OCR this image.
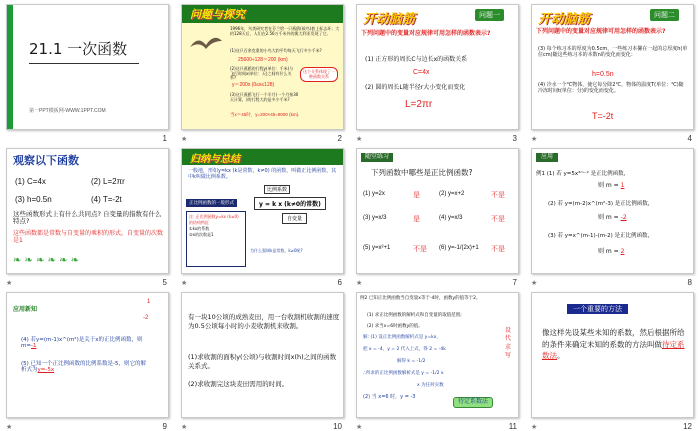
21.1 一次函数
第一PPT模板网-WWW.1PPT.COM
1
问题与探究
1996年，鸟类研究者在芬兰给一只燕鸥(候鸟)套上标志环；大约128天后，人们在2.56万千米外的澳大利亚发现了它。
(1)这只百余克重的小鸟大约平均每天飞行多少千米?
25600÷128＝200 (km)
(2)这只燕鸥的行程y(单位：千米)与飞行时间x(单位：天)之间有什么关系?
y＝200x (0≤x≤128)
(3)这只燕鸥飞行一个半月(一个月按30天计算，)的行程大约是多少千米?
当x＝45时，y=200×45=9000 (km).
这个关系体现了一种函数关系
★	2
开动脑筋	问题一
下列问题中的变量对应规律可用怎样的函数表示?
(1) 正方形的周长C与边长x的函数关系
C=4x
(2) 圆的周长L随半径r大小变化而变化
L=2πr
★	3
开动脑筋	问题二
下列问题中的变量对应规律可用怎样的函数表示?
(3) 每个练习本的厚度为0.5cm，一些练习本摞在一起的总厚度h(单位cm)随这些练习本的本数n的变化而变化：
h=0.5n
(4) 冷水一个℃物体，使它每分降2℃，物体的温度T(单位：℃)随冷冻时间t(单位：分)的变化而变化。
T=-2t
★	4
观察以下函数
(1) C=4x	(2) L=2πr
(3) h=0.5n	(4) T=-2t
这些函数形式上有什么共同点? 自变量的指数有什么特点?
这些函数都是常数与自变量的乘积的形式。自变量的次数是1
❧ ❧ ❧ ❧ ❧ ❧
★	5
归纳与总结
一般地，形如y=kx (k是常数，k≠0) 的函数，叫做正比例函数，其中k叫做比例系数。
正比例函数的一般形式	y = k x (k≠0的常数)
比例系数
自变量
注: 正比例函数y=kx (k≠0) 的结构特征
①kx的系数
②x的次数是1
为什么强调k是常数，k≠0呢?
★	6
随堂练习
下列函数中哪些是正比例函数?
(1) y=2x	是	(2) y=x+2	不是
(3) y=x/3	是	(4) y=x/3	不是
(5) y=x²+1	不是 (6) y=-1/(2x)+1 不是
★	7
应用
例1 (1) 若 y=5x³ᵐ⁻² 是正比例函数，
则 m = 1
(2) 若 y=(m-2)x^(m²-3) 是正比例函数，
则 m = -2
(3) 若 y=x^(m-1)-(m-2) 是正比例函数，
则 m = 2
★	8
应用新知
1
-2
(4) 若y=(m-1)x^(m²)是关于x的正比例函数，则m=-1
(5) 已知一个正比例函数的比例系数是-5，则它的解析式为y=-5x
★	9
有一块10公顷的成熟麦田，用一台收割机收割的速度为0.5公顷每小时的小麦收割机来收割。
(1)求收割的面积y(公顷)与收割时间x(h)之间的函数关系式。
(2)求收割完这块麦田需用的时间。
★	10
例2 已知正比例函数当自变量x等于-4时，函数y的值等于2。
(1) 求正比例函数的解析式和自变量的取值范围;
(2) 求当x=6时函数y的值。
解: (1) 设正比例函数解析式是 y=kx，
把 x = -4，y = 2 代入上式，得 2 = -4k
解得 k = -1/2
∴所求的正比例函数解析式是 y = -1/2 x
x 为任何实数
(2) 当 x=6 时，y = -3
设 代 求 写
待定系数法
★	11
一个重要的方法
像这样先设某些未知的系数，然后根据所给的条件来确定未知的系数的方法叫做待定系数法。
★	12
